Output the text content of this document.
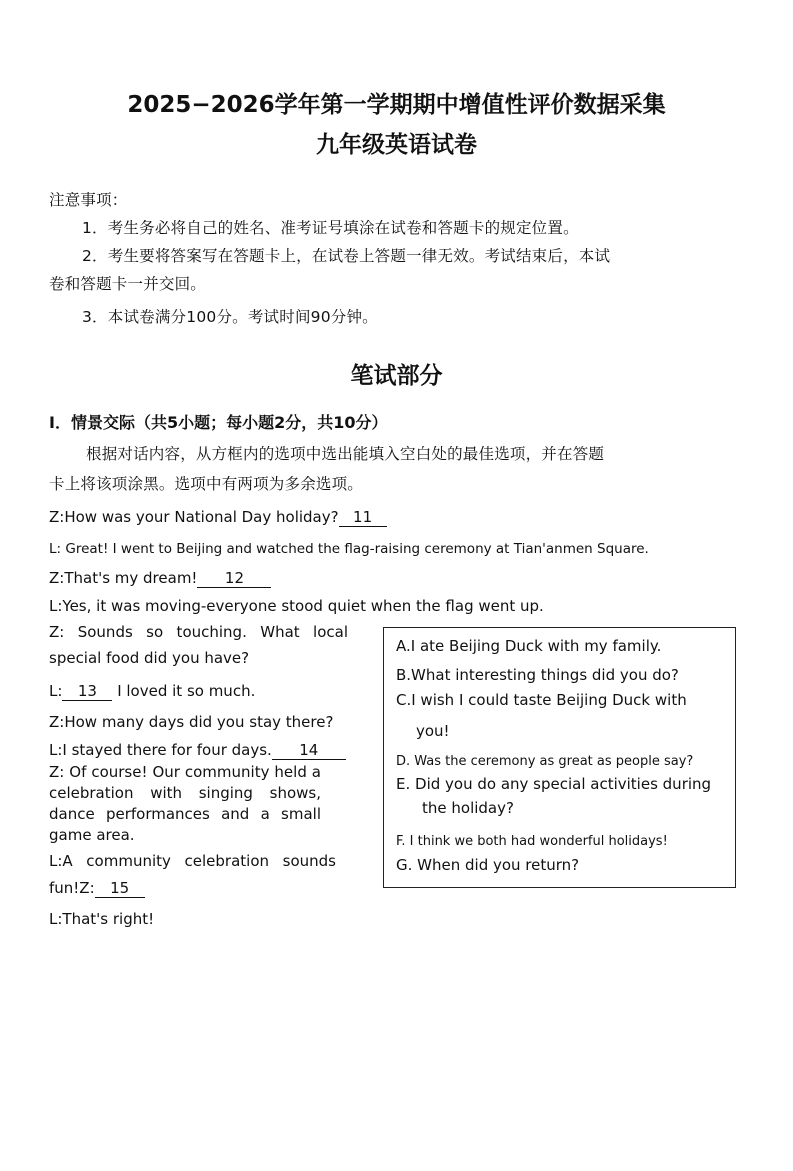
2025−2026学年第一学期期中增值性评价数据采集
九年级英语试卷
注意事项：
1．考生务必将自己的姓名、准考证号填涂在试卷和答题卡的规定位置。
2．考生要将答案写在答题卡上，在试卷上答题一律无效。考试结束后，本试
卷和答题卡一并交回。
3．本试卷满分100分。考试时间90分钟。
笔试部分
I．情景交际（共5小题；每小题2分，共10分）
根据对话内容，从方框内的选项中选出能填入空白处的最佳选项，并在答题
卡上将该项涂黑。选项中有两项为多余选项。
Z:How was your National Day holiday? 11
L: Great! I went to Beijing and watched the flag-raising ceremony at Tian'anmen Square.
Z:That's my dream! 12
L:Yes, it was moving-everyone stood quiet when the flag went up.
Z: Sounds so touching. What local
special food did you have?
L: 13 I loved it so much.
Z:How many days did you stay there?
L:I stayed there for four days. 14
Z: Of course! Our community held a
celebration with singing shows,
dance performances and a small
game area.
L:A community celebration sounds
fun!Z: 15
L:That's right!
A.I ate Beijing Duck with my family.
B.What interesting things did you do?
C.I wish I could taste Beijing Duck with
you!
D. Was the ceremony as great as people say?
E. Did you do any special activities during
the holiday?
F. I think we both had wonderful holidays!
G. When did you return?
